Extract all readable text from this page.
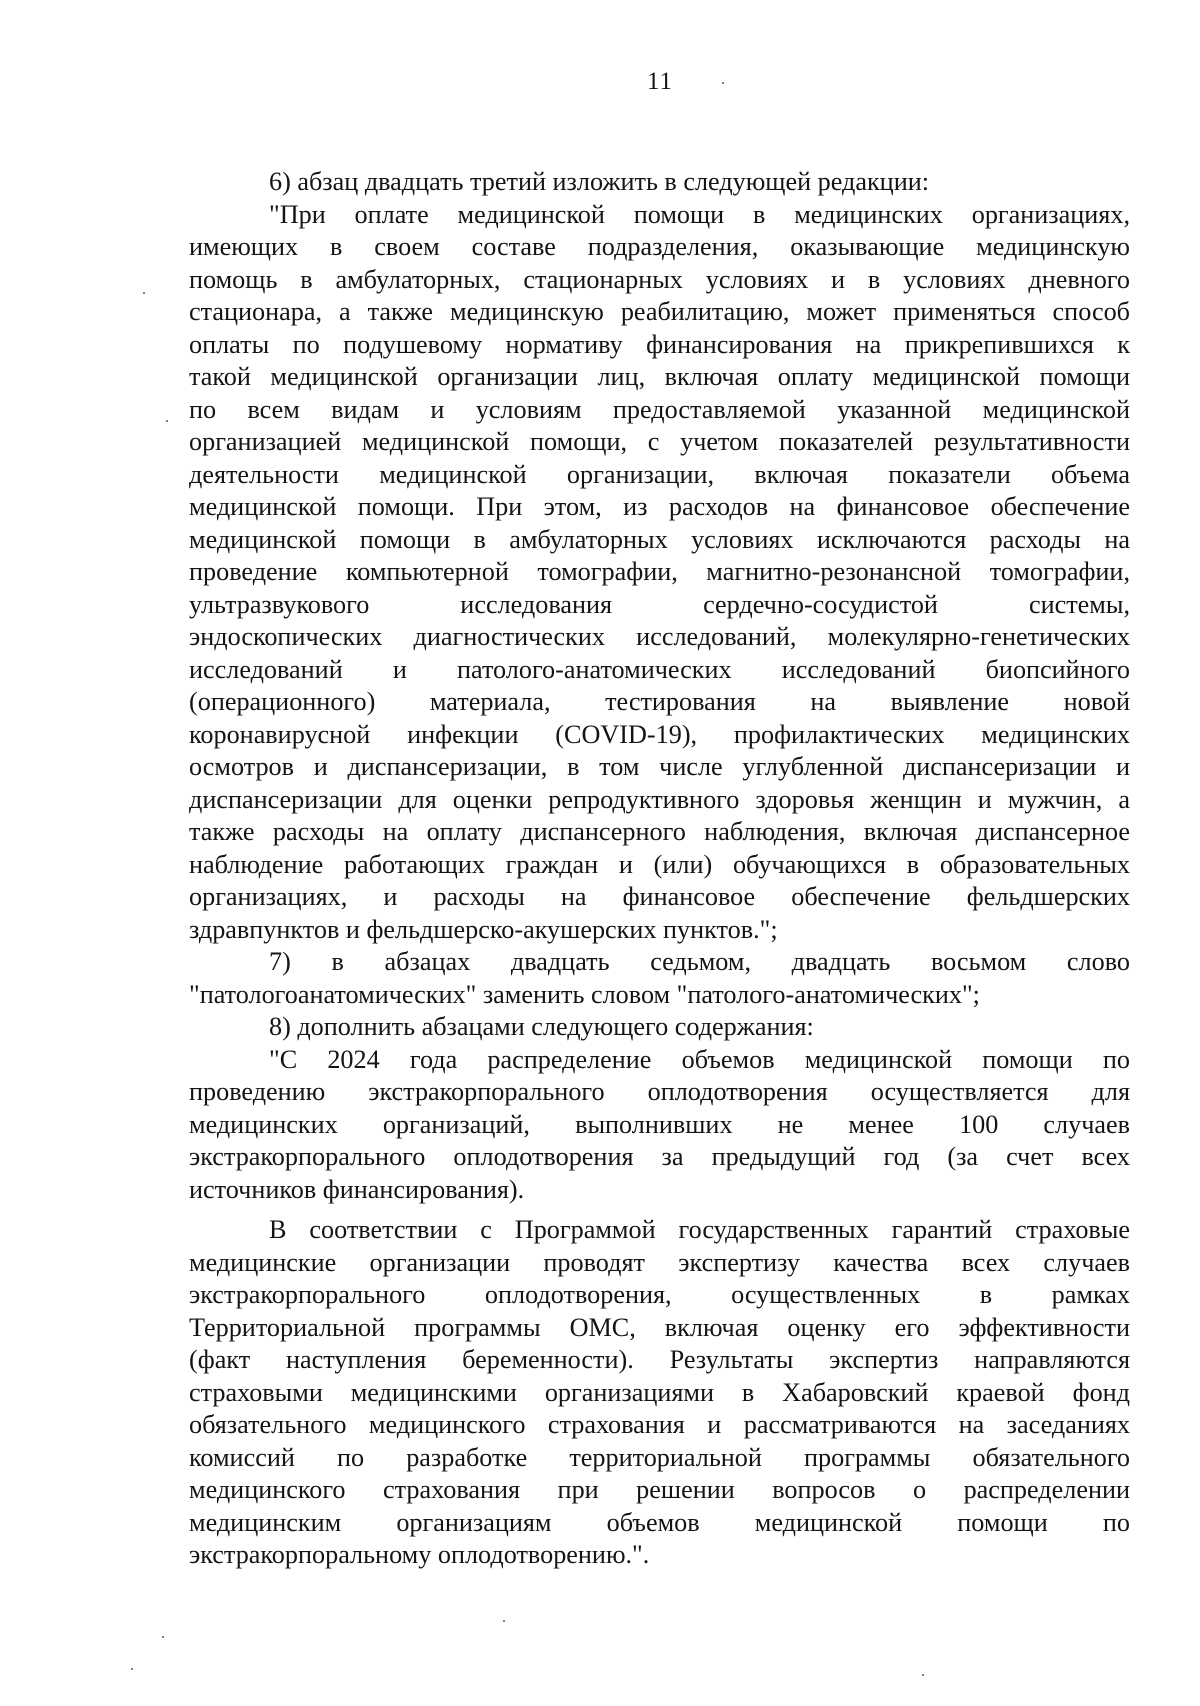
11
6) абзац двадцать третий изложить в следующей редакции:
"При оплате медицинской помощи в медицинских организациях,
имеющих в своем составе подразделения, оказывающие медицинскую
помощь в амбулаторных, стационарных условиях и в условиях дневного
стационара, а также медицинскую реабилитацию, может применяться способ
оплаты по подушевому нормативу финансирования на прикрепившихся к
такой медицинской организации лиц, включая оплату медицинской помощи
по всем видам и условиям предоставляемой указанной медицинской
организацией медицинской помощи, с учетом показателей результативности
деятельности медицинской организации, включая показатели объема
медицинской помощи. При этом, из расходов на финансовое обеспечение
медицинской помощи в амбулаторных условиях исключаются расходы на
проведение компьютерной томографии, магнитно-резонансной томографии,
ультразвукового исследования сердечно-сосудистой системы,
эндоскопических диагностических исследований, молекулярно-генетических
исследований и патолого-анатомических исследований биопсийного
(операционного) материала, тестирования на выявление новой
коронавирусной инфекции (COVID-19), профилактических медицинских
осмотров и диспансеризации, в том числе углубленной диспансеризации и
диспансеризации для оценки репродуктивного здоровья женщин и мужчин, а
также расходы на оплату диспансерного наблюдения, включая диспансерное
наблюдение работающих граждан и (или) обучающихся в образовательных
организациях, и расходы на финансовое обеспечение фельдшерских
здравпунктов и фельдшерско-акушерских пунктов.";
7) в абзацах двадцать седьмом, двадцать восьмом слово
"патологоанатомических" заменить словом "патолого-анатомических";
8) дополнить абзацами следующего содержания:
"С 2024 года распределение объемов медицинской помощи по
проведению экстракорпорального оплодотворения осуществляется для
медицинских организаций, выполнивших не менее 100 случаев
экстракорпорального оплодотворения за предыдущий год (за счет всех
источников финансирования).
В соответствии с Программой государственных гарантий страховые
медицинские организации проводят экспертизу качества всех случаев
экстракорпорального оплодотворения, осуществленных в рамках
Территориальной программы ОМС, включая оценку его эффективности
(факт наступления беременности). Результаты экспертиз направляются
страховыми медицинскими организациями в Хабаровский краевой фонд
обязательного медицинского страхования и рассматриваются на заседаниях
комиссий по разработке территориальной программы обязательного
медицинского страхования при решении вопросов о распределении
медицинским организациям объемов медицинской помощи по
экстракорпоральному оплодотворению.".
